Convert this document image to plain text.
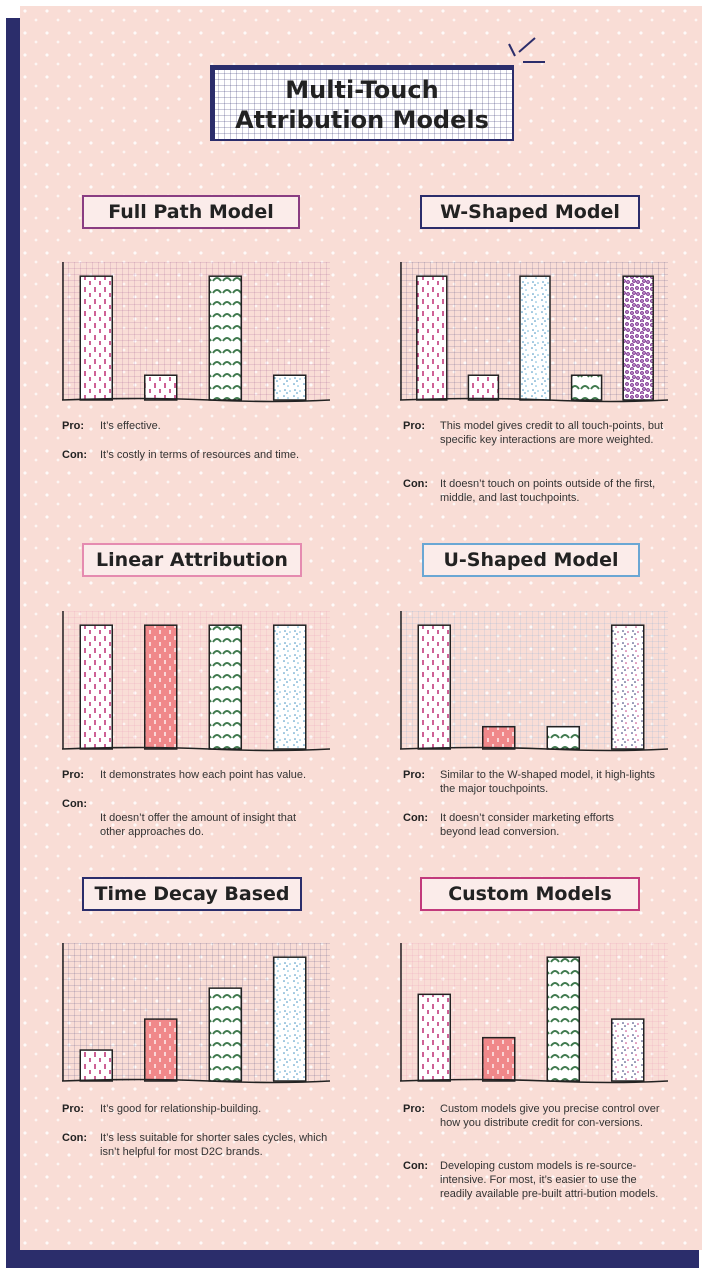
Multi-Touch
Attribution Models
Full Path Model
Pro: It’s effective.
Con: It’s costly in terms of resources and time.
W-Shaped Model
Pro: This model gives credit to all touch-points, but specific key interactions are more weighted.
Con: It doesn’t touch on points outside of the first, middle, and last touchpoints.
Linear Attribution
Pro: It demonstrates how each point has value.
Con:
It doesn’t offer the amount of insight that other approaches do.
U-Shaped Model
Pro: Similar to the W-shaped model, it high-lights the major touchpoints.
Con: It doesn’t consider marketing efforts beyond lead conversion.
Time Decay Based
Pro: It’s good for relationship-building.
Con: It’s less suitable for shorter sales cycles, which isn’t helpful for most D2C brands.
Custom Models
Pro: Custom models give you precise control over how you distribute credit for con-versions.
Con: Developing custom models is re-source-intensive. For most, it’s easier to use the readily available pre-built attri-bution models.
